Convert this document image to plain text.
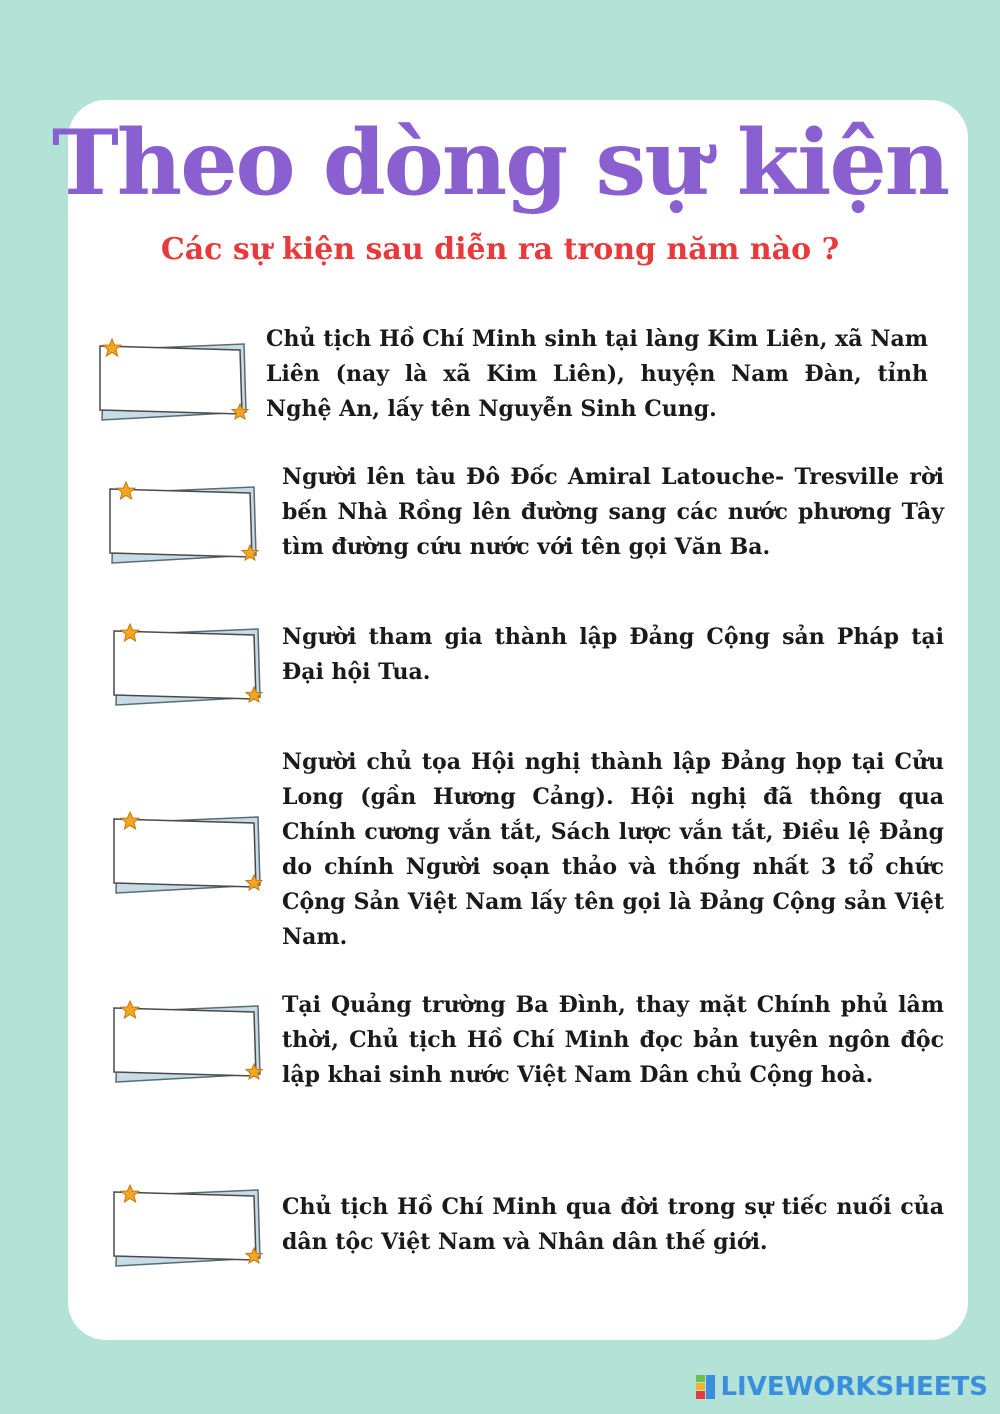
Theo dòng sự kiện
Các sự kiện sau diễn ra trong năm nào ?

Chủ tịch Hồ Chí Minh sinh tại làng Kim Liên, xã Nam Liên (nay là xã Kim Liên), huyện Nam Đàn, tỉnh Nghệ An, lấy tên Nguyễn Sinh Cung.

Người lên tàu Đô Đốc Amiral Latouche- Tresville rời bến Nhà Rồng lên đường sang các nước phương Tây tìm đường cứu nước với tên gọi Văn Ba.

Người tham gia thành lập Đảng Cộng sản Pháp tại Đại hội Tua.

Người chủ tọa Hội nghị thành lập Đảng họp tại Cửu Long (gần Hương Cảng). Hội nghị đã thông qua Chính cương vắn tắt, Sách lược vắn tắt, Điều lệ Đảng do chính Người soạn thảo và thống nhất 3 tổ chức Cộng Sản Việt Nam lấy tên gọi là Đảng Cộng sản Việt Nam.

Tại Quảng trường Ba Đình, thay mặt Chính phủ lâm thời, Chủ tịch Hồ Chí Minh đọc bản tuyên ngôn độc lập khai sinh nước Việt Nam Dân chủ Cộng hoà.

Chủ tịch Hồ Chí Minh qua đời trong sự tiếc nuối của dân tộc Việt Nam và Nhân dân thế giới.

LIVEWORKSHEETS
